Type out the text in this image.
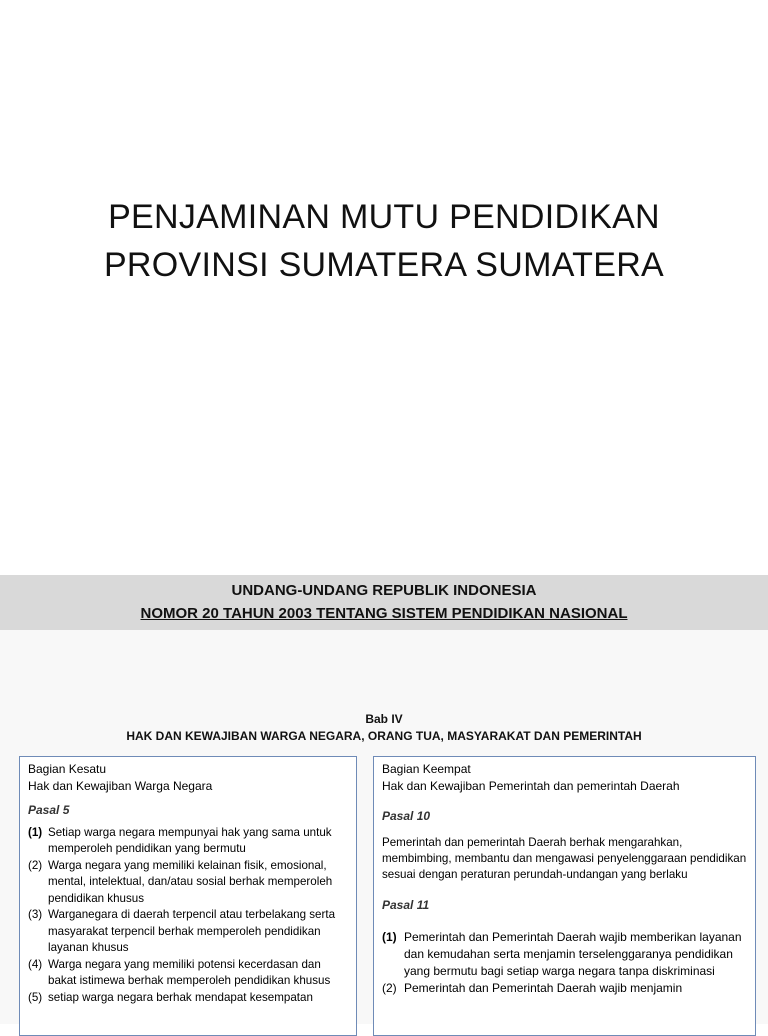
PENJAMINAN MUTU PENDIDIKAN
PROVINSI SUMATERA SUMATERA
UNDANG-UNDANG REPUBLIK INDONESIA
NOMOR 20 TAHUN 2003 TENTANG SISTEM PENDIDIKAN NASIONAL
Bab IV
HAK DAN KEWAJIBAN WARGA NEGARA, ORANG TUA, MASYARAKAT DAN PEMERINTAH
Bagian Kesatu
Hak dan Kewajiban Warga Negara
Pasal 5
(1) Setiap warga negara mempunyai hak yang sama untuk memperoleh pendidikan yang bermutu
(2) Warga negara yang memiliki kelainan fisik, emosional, mental, intelektual, dan/atau sosial berhak memperoleh pendidikan khusus
(3) Warganegara di daerah terpencil atau terbelakang serta masyarakat terpencil berhak memperoleh pendidikan layanan khusus
(4) Warga negara yang memiliki potensi kecerdasan dan bakat istimewa berhak memperoleh pendidikan khusus
(5) setiap warga negara berhak mendapat kesempatan
Bagian Keempat
Hak dan Kewajiban Pemerintah dan pemerintah Daerah
Pasal 10
Pemerintah dan pemerintah Daerah berhak mengarahkan, membimbing, membantu dan mengawasi penyelenggaraan pendidikan sesuai dengan peraturan perundah-undangan yang berlaku
Pasal 11
(1) Pemerintah dan Pemerintah Daerah wajib memberikan layanan dan kemudahan serta menjamin terselenggaranya pendidikan yang bermutu bagi setiap warga negara tanpa diskriminasi
(2) Pemerintah dan Pemerintah Daerah wajib menjamin
